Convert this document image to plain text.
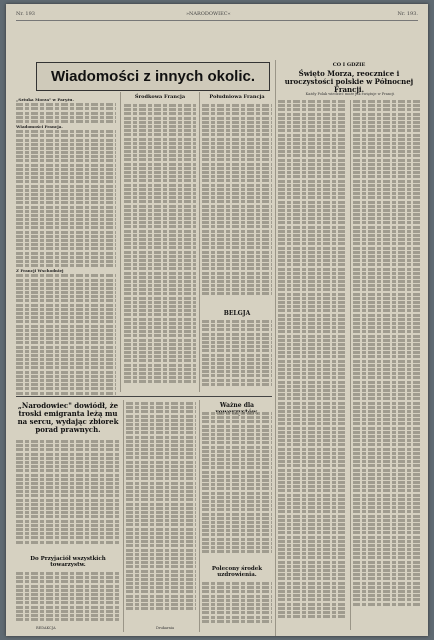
Nr. 193	»NARODOWIEC«	Nr. 193.
Wiadomości z innych okolic.
„Sztuka Morza" w Paryżu.
Wiadomości Francja.
Z Francji Wschodniej
Środkowa Francja	Południowa Francja
BELGJA
CO I GDZIE
Święto Morza, reocznice i uroczystości polskie w Północnej Francji.
Każdy Polak wiedzieć może jak świętuje w Francji
„Narodowiec" dowiódł, że troski emigranta leżą mu na sercu, wydając zbiorek porad prawnych.
Do Przyjaciół wszystkich towarzystw.
Ważne dla
Polecony środek uzdrowienia.
REDAKCJA	Drukarnia
